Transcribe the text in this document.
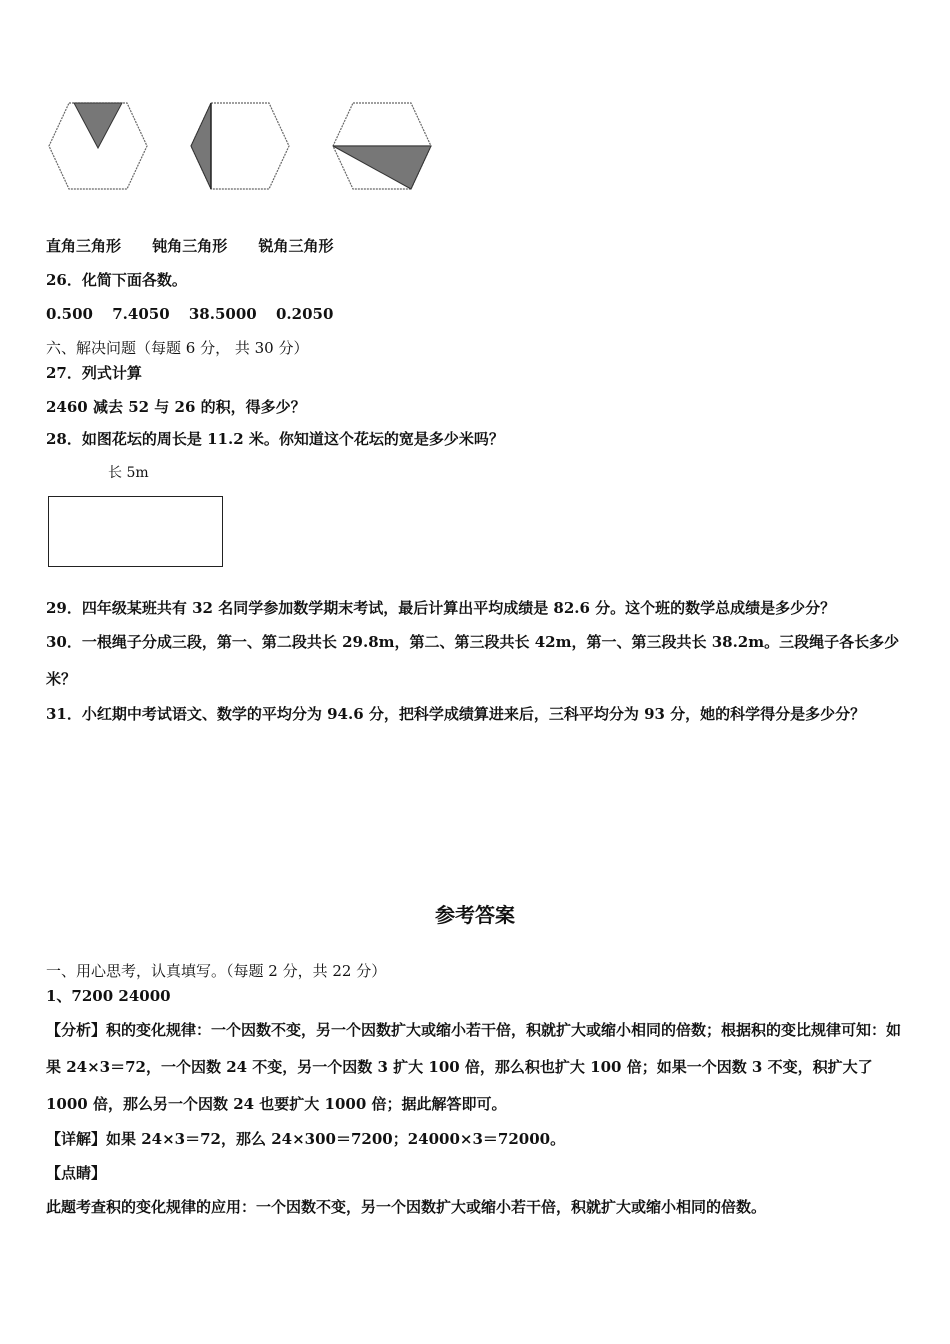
直角三角形 钝角三角形 锐角三角形
26．化简下面各数。
0.500 7.4050 38.5000 0.2050
六、解决问题（每题 6 分， 共 30 分）
27．列式计算
2460 减去 52 与 26 的积，得多少？
28．如图花坛的周长是 11.2 米。你知道这个花坛的宽是多少米吗？
长 5m
29．四年级某班共有 32 名同学参加数学期末考试，最后计算出平均成绩是 82.6 分。这个班的数学总成绩是多少分？
30．一根绳子分成三段，第一、第二段共长 29.8m，第二、第三段共长 42m，第一、第三段共长 38.2m。三段绳子各长多少米？
31．小红期中考试语文、数学的平均分为 94.6 分，把科学成绩算进来后，三科平均分为 93 分，她的科学得分是多少分？
参考答案
一、用心思考，认真填写。（每题 2 分，共 22 分）
1、7200 24000
【分析】积的变化规律：一个因数不变，另一个因数扩大或缩小若干倍，积就扩大或缩小相同的倍数；根据积的变比规律可知：如果 24×3＝72，一个因数 24 不变，另一个因数 3 扩大 100 倍，那么积也扩大 100 倍；如果一个因数 3 不变，积扩大了 1000 倍，那么另一个因数 24 也要扩大 1000 倍；据此解答即可。
【详解】如果 24×3＝72，那么 24×300＝7200；24000×3＝72000。
【点睛】
此题考查积的变化规律的应用：一个因数不变，另一个因数扩大或缩小若干倍，积就扩大或缩小相同的倍数。
